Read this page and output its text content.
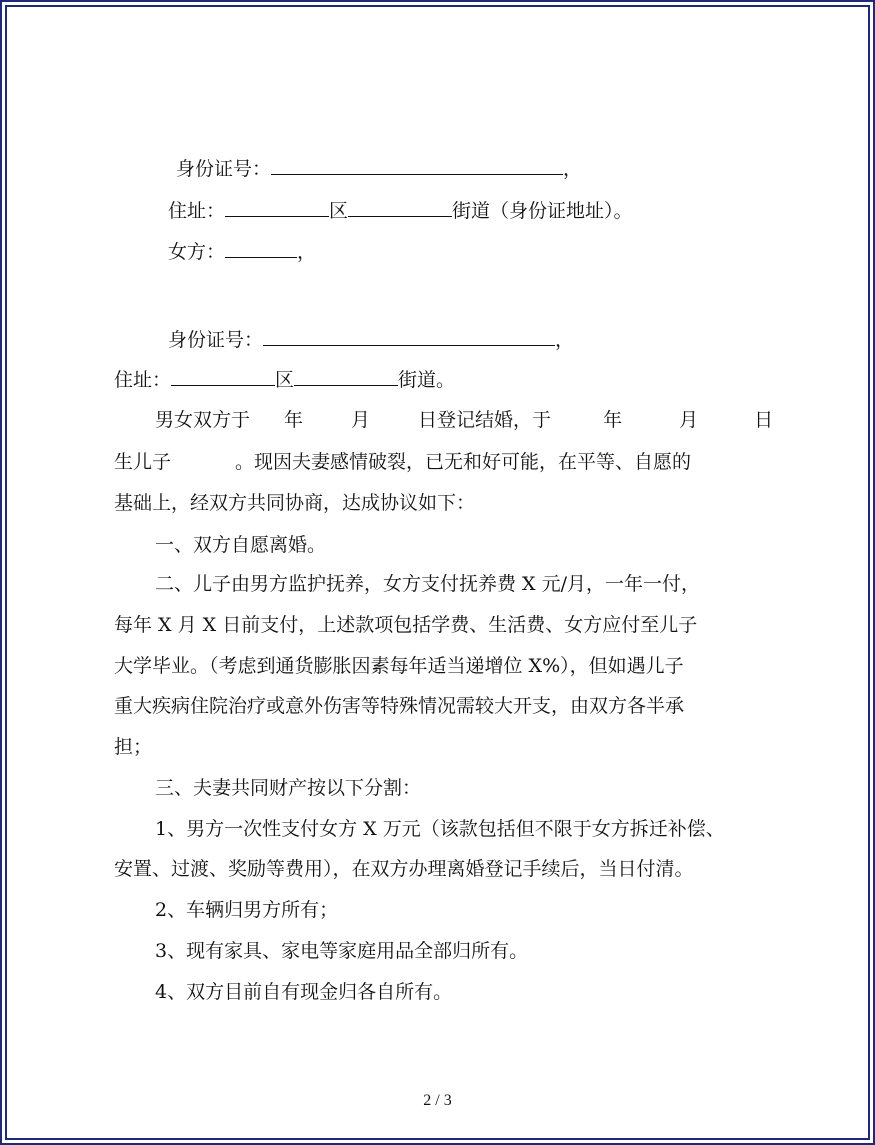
身份证号：	，

住址：	区	街道（身份证地址）。

女方：	，

身份证号：	，

住址：	区	街道。

男女双方于 年	月	日登记结婚，于	年	月	日

生儿子	。现因夫妻感情破裂，已无和好可能，在平等、自愿的

基础上，经双方共同协商，达成协议如下：

一、双方自愿离婚。

二、儿子由男方监护抚养，女方支付抚养费 X 元/月，一年一付，

每年 X 月 X 日前支付，上述款项包括学费、生活费、女方应付至儿子

大学毕业。（考虑到通货膨胀因素每年适当递增位 X%），但如遇儿子

重大疾病住院治疗或意外伤害等特殊情况需较大开支，由双方各半承

担；

三、夫妻共同财产按以下分割：

1、男方一次性支付女方 X 万元（该款包括但不限于女方拆迁补偿、

安置、过渡、奖励等费用），在双方办理离婚登记手续后，当日付清。

2、车辆归男方所有；

3、现有家具、家电等家庭用品全部归所有。

4、双方目前自有现金归各自所有。

2 / 3
